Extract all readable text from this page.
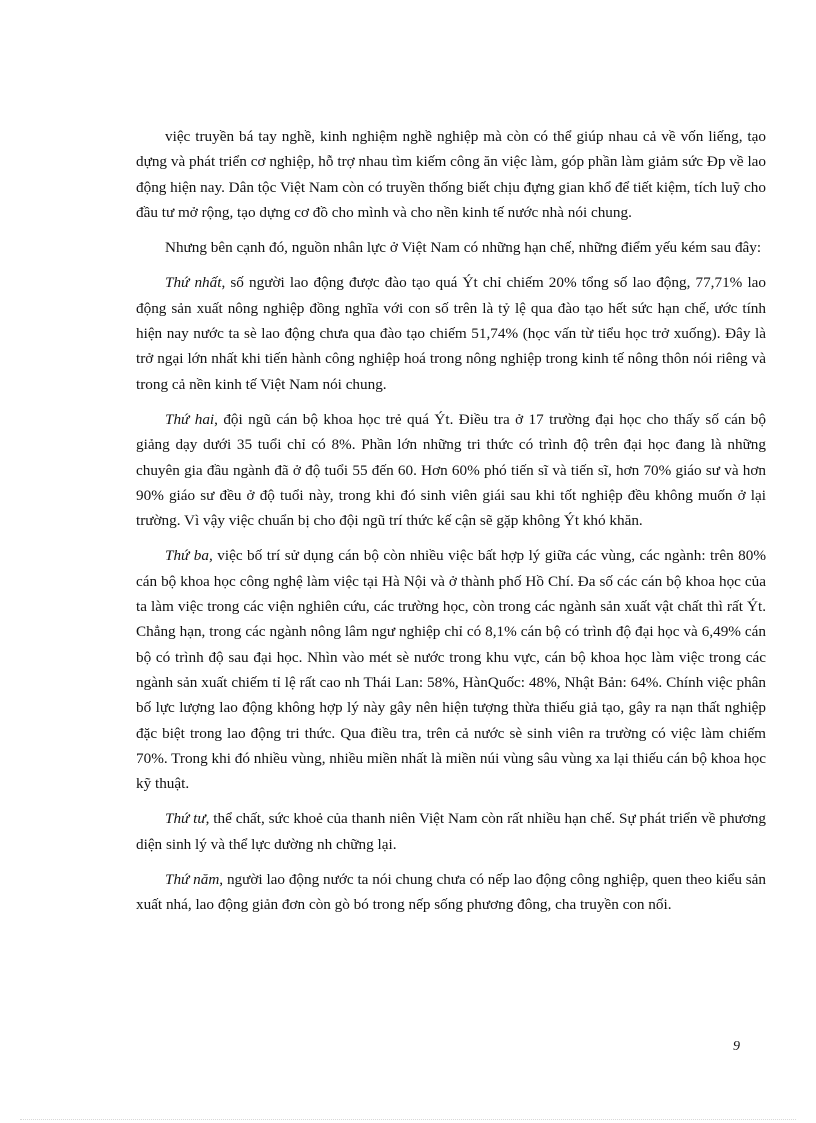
việc truyền bá tay nghề, kinh nghiệm nghề nghiệp mà còn có thể giúp nhau cả về vốn liếng, tạo dựng và phát triển cơ nghiệp, hỗ trợ nhau tìm kiếm công ăn việc làm, góp phần làm giảm sức Đp về lao động hiện nay. Dân tộc Việt Nam còn có truyền thống biết chịu đựng gian khổ để tiết kiệm, tích luỹ cho đầu tư mở rộng, tạo dựng cơ đồ cho mình và cho nền kinh tế nước nhà nói chung.

Nhưng bên cạnh đó, nguồn nhân lực ở Việt Nam có những hạn chế, những điểm yếu kém sau đây:

Thứ nhất, số người lao động được đào tạo quá Ýt chỉ chiếm 20% tổng số lao động, 77,71% lao động sản xuất nông nghiệp đồng nghĩa với con số trên là tỷ lệ qua đào tạo hết sức hạn chế, ước tính hiện nay nước ta sè lao động chưa qua đào tạo chiếm 51,74% (học vấn từ tiểu học trở xuống). Đây là trở ngại lớn nhất khi tiến hành công nghiệp hoá trong nông nghiệp trong kinh tế nông thôn nói riêng và trong cả nền kinh tế Việt Nam nói chung.

Thứ hai, đội ngũ cán bộ khoa học trẻ quá Ýt. Điều tra ở 17 trường đại học cho thấy số cán bộ giảng dạy dưới 35 tuổi chỉ có 8%. Phần lớn những tri thức có trình độ trên đại học đang là những chuyên gia đầu ngành đã ở độ tuổi 55 đến 60. Hơn 60% phó tiến sĩ và tiến sĩ, hơn 70% giáo sư và hơn 90% giáo sư đều ở độ tuổi này, trong khi đó sinh viên giái sau khi tốt nghiệp đều không muốn ở lại trường. Vì vậy việc chuẩn bị cho đội ngũ trí thức kế cận sẽ gặp không Ýt khó khăn.

Thứ ba, việc bố trí sử dụng cán bộ còn nhiều việc bất hợp lý giữa các vùng, các ngành: trên 80% cán bộ khoa học công nghệ làm việc tại Hà Nội và ở thành phố Hồ Chí. Đa số các cán bộ khoa học của ta làm việc trong các viện nghiên cứu, các trường học, còn trong các ngành sản xuất vật chất thì rất Ýt. Chẳng hạn, trong các ngành nông lâm ngư nghiệp chỉ có 8,1% cán bộ có trình độ đại học và 6,49% cán bộ có trình độ sau đại học. Nhìn vào mét sè nước trong khu vực, cán bộ khoa học làm việc trong các ngành sản xuất chiếm tỉ lệ rất cao nh Thái Lan: 58%, HànQuốc: 48%, Nhật Bản: 64%. Chính việc phân bố lực lượng lao động không hợp lý này gây nên hiện tượng thừa thiếu giả tạo, gây ra nạn thất nghiệp đặc biệt trong lao động tri thức. Qua điều tra, trên cả nước sè sinh viên ra trường có việc làm chiếm 70%. Trong khi đó nhiều vùng, nhiều miền nhất là miền núi vùng sâu vùng xa lại thiếu cán bộ khoa học kỹ thuật.

Thứ tư, thể chất, sức khoẻ của thanh niên Việt Nam còn rất nhiều hạn chế. Sự phát triển về phương diện sinh lý và thể lực dường nh chững lại.

Thứ năm, người lao động nước ta nói chung chưa có nếp lao động công nghiệp, quen theo kiểu sản xuất nhá, lao động giản đơn còn gò bó trong nếp sống phương đông, cha truyền con nối.

9
